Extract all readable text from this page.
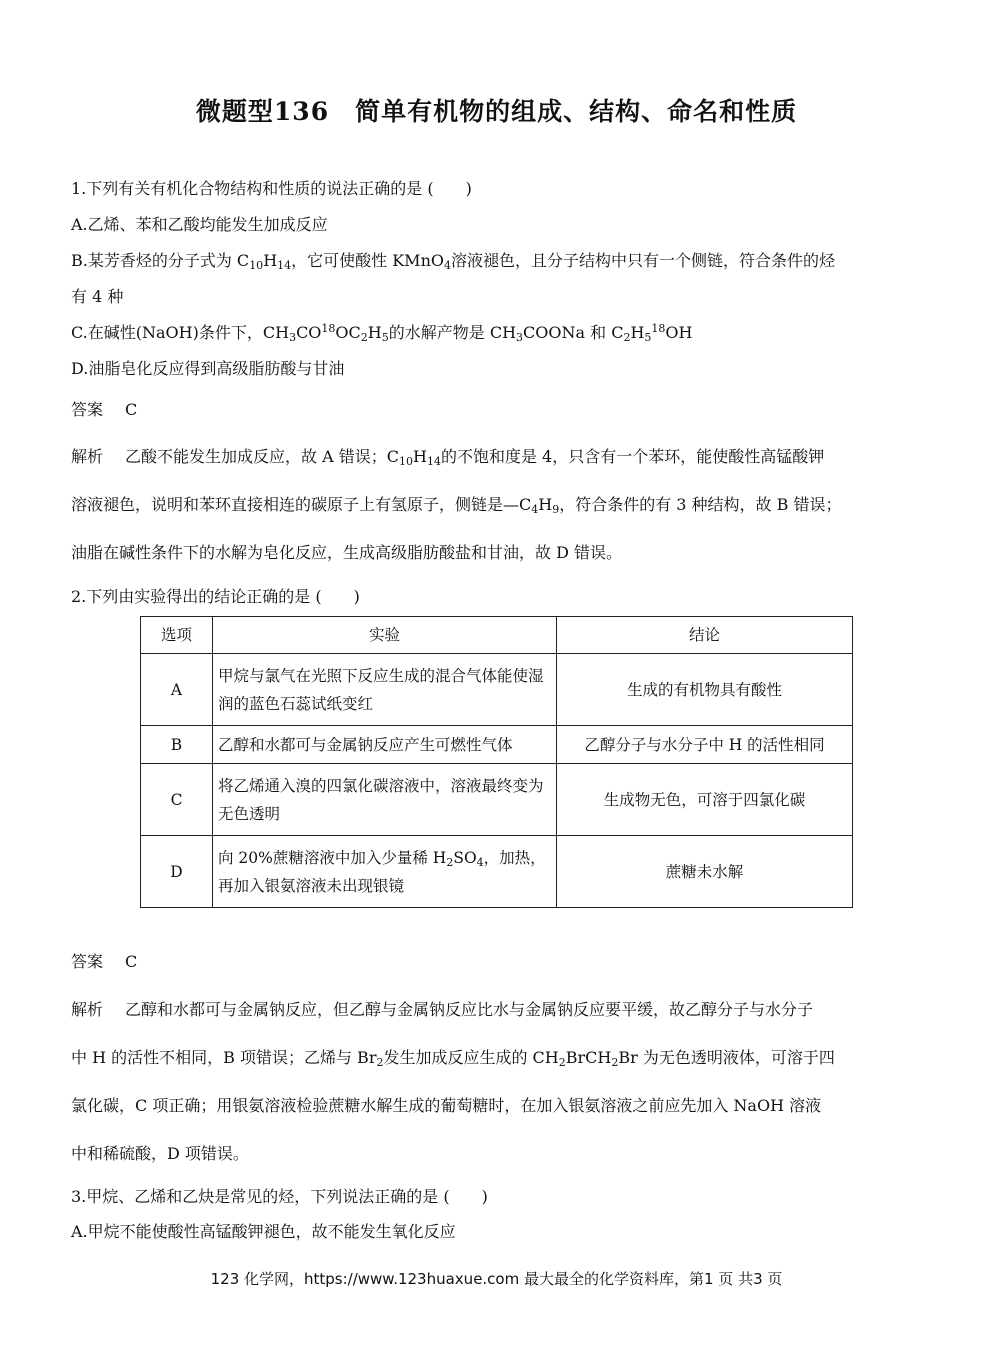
微题型136　简单有机物的组成、结构、命名和性质
1.下列有关有机化合物结构和性质的说法正确的是 (　　)
A.乙烯、苯和乙酸均能发生加成反应
B.某芳香烃的分子式为 $C_{10}H_{14}$，它可使酸性 KMnO$_4$溶液褪色，且分子结构中只有一个侧链，符合条件的烃
有 4 种
C.在碱性(NaOH)条件下，$CH_3CO^{18}OC_2H_5$的水解产物是 $CH_3COONa$ 和 $C_2H_5^{18}OH$
D.油脂皂化反应得到高级脂肪酸与甘油
答案 C
解析 乙酸不能发生加成反应，故 A 错误；$C_{10}H_{14}$的不饱和度是 4，只含有一个苯环，能使酸性高锰酸钾
溶液褪色，说明和苯环直接相连的碳原子上有氢原子，侧链是$—C_4H_9$，符合条件的有 3 种结构，故 B 错误；
油脂在碱性条件下的水解为皂化反应，生成高级脂肪酸盐和甘油，故 D 错误。
2.下列由实验得出的结论正确的是 (　　)
选项	实验	结论
A	甲烷与氯气在光照下反应生成的混合气体能使湿润的蓝色石蕊试纸变红	生成的有机物具有酸性
B	乙醇和水都可与金属钠反应产生可燃性气体	乙醇分子与水分子中 H 的活性相同
C	将乙烯通入溴的四氯化碳溶液中，溶液最终变为无色透明	生成物无色，可溶于四氯化碳
D	向 20%蔗糖溶液中加入少量稀 $H_2SO_4$，加热，再加入银氨溶液未出现银镜	蔗糖未水解
答案 C
解析 乙醇和水都可与金属钠反应，但乙醇与金属钠反应比水与金属钠反应要平缓，故乙醇分子与水分子
中 H 的活性不相同，B 项错误；乙烯与 $Br_2$发生加成反应生成的 $CH_2BrCH_2Br$ 为无色透明液体，可溶于四
氯化碳，C 项正确；用银氨溶液检验蔗糖水解生成的葡萄糖时，在加入银氨溶液之前应先加入 NaOH 溶液
中和稀硫酸，D 项错误。
3.甲烷、乙烯和乙炔是常见的烃，下列说法正确的是 (　　)
A.甲烷不能使酸性高锰酸钾褪色，故不能发生氧化反应
123 化学网，https://www.123huaxue.com 最大最全的化学资料库，第1 页 共3 页
